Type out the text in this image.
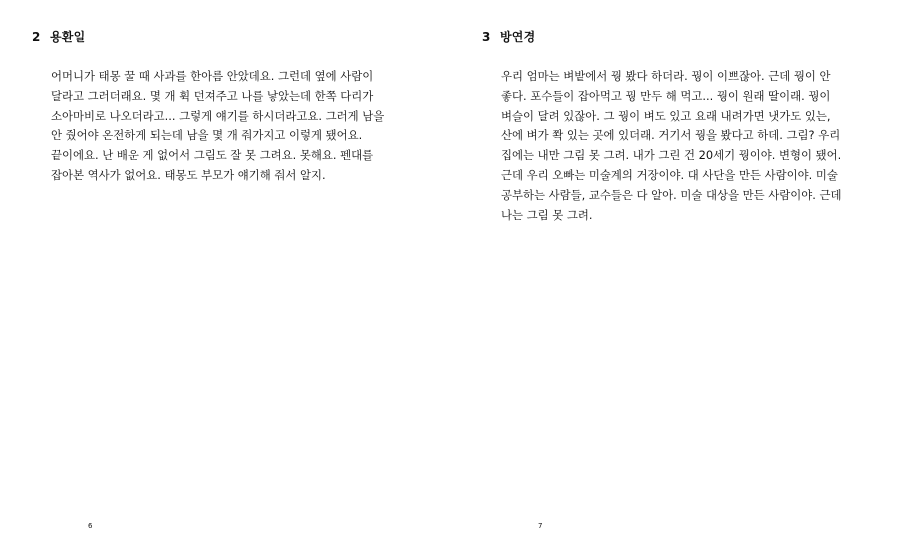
2 용환일
어머니가 태몽 꿀 때 사과를 한아름 안았데요. 그런데 옆에 사람이
달라고 그러더래요. 몇 개 휙 던져주고 나를 낳았는데 한쪽 다리가
소아마비로 나오더라고... 그렇게 얘기를 하시더라고요. 그러게 남을
안 줬어야 온전하게 되는데 남을 몇 개 줘가지고 이렇게 됐어요.
끝이에요. 난 배운 게 없어서 그림도 잘 못 그려요. 못해요. 펜대를
잡아본 역사가 없어요. 태몽도 부모가 얘기해 줘서 알지.
6
3 방연경
우리 엄마는 벼밭에서 꿩 봤다 하더라. 꿩이 이쁘잖아. 근데 꿩이 안
좋다. 포수들이 잡아먹고 꿩 만두 해 먹고... 꿩이 원래 딸이래. 꿩이
벼슬이 달려 있잖아. 그 꿩이 벼도 있고 요래 내려가면 냇가도 있는,
산에 벼가 쫙 있는 곳에 있더래. 거기서 꿩을 봤다고 하데. 그림? 우리
집에는 내만 그림 못 그려. 내가 그린 건 20세기 꿩이야. 변형이 됐어.
근데 우리 오빠는 미술계의 거장이야. 대 사단을 만든 사람이야. 미술
공부하는 사람들, 교수들은 다 알아. 미술 대상을 만든 사람이야. 근데
나는 그림 못 그려.
7
